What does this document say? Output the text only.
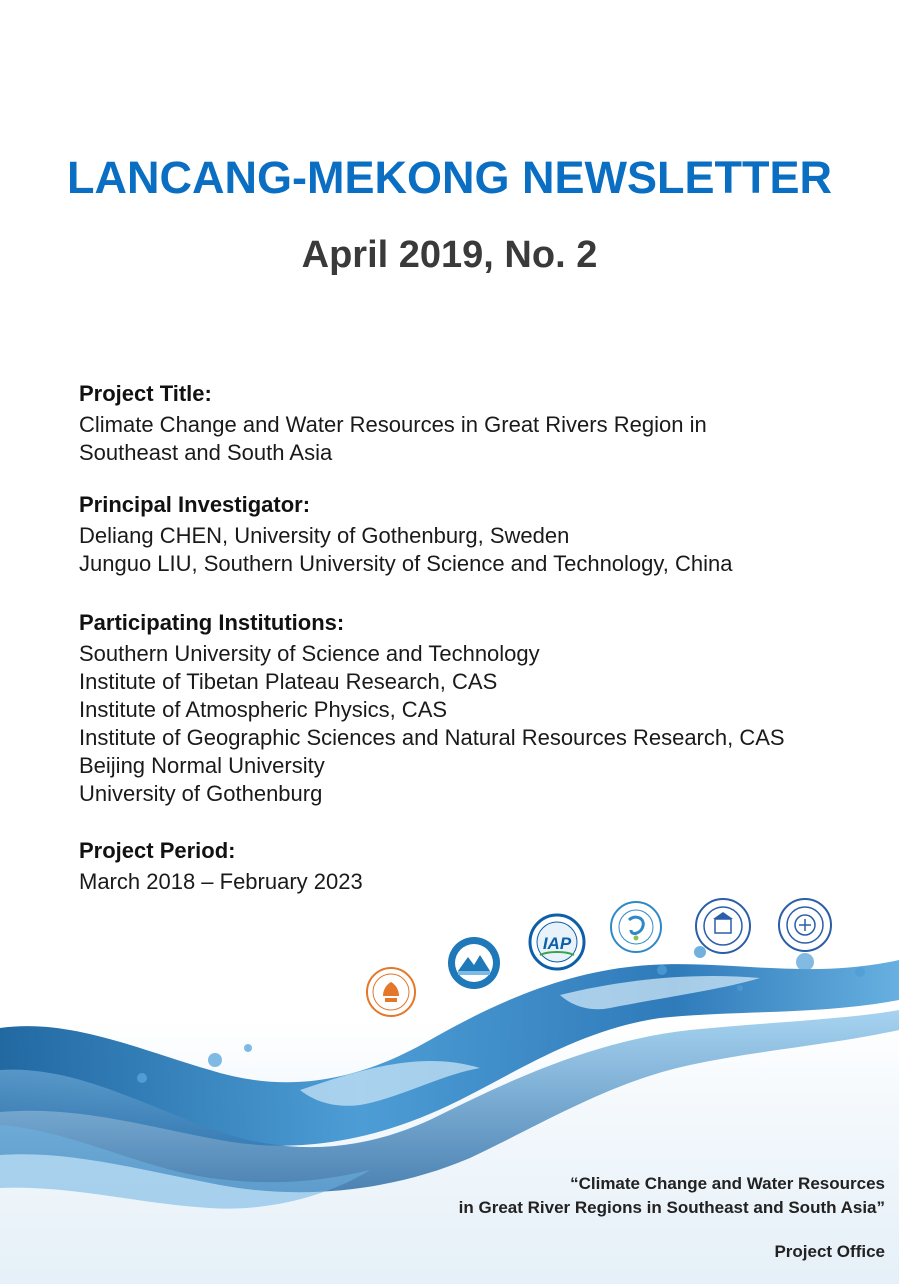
LANCANG-MEKONG NEWSLETTER
April 2019, No. 2
Project Title:
Climate Change and Water Resources in Great Rivers Region in
Southeast and South Asia
Principal Investigator:
Deliang CHEN, University of Gothenburg, Sweden
Junguo LIU, Southern University of Science and Technology, China
Participating Institutions:
Southern University of Science and Technology
Institute of Tibetan Plateau Research, CAS
Institute of Atmospheric Physics, CAS
Institute of Geographic Sciences and Natural Resources Research, CAS
Beijing Normal University
University of Gothenburg
Project Period:
March 2018 – February 2023
IAP
“Climate Change and Water Resources
in Great River Regions in Southeast and South Asia”
Project Office
